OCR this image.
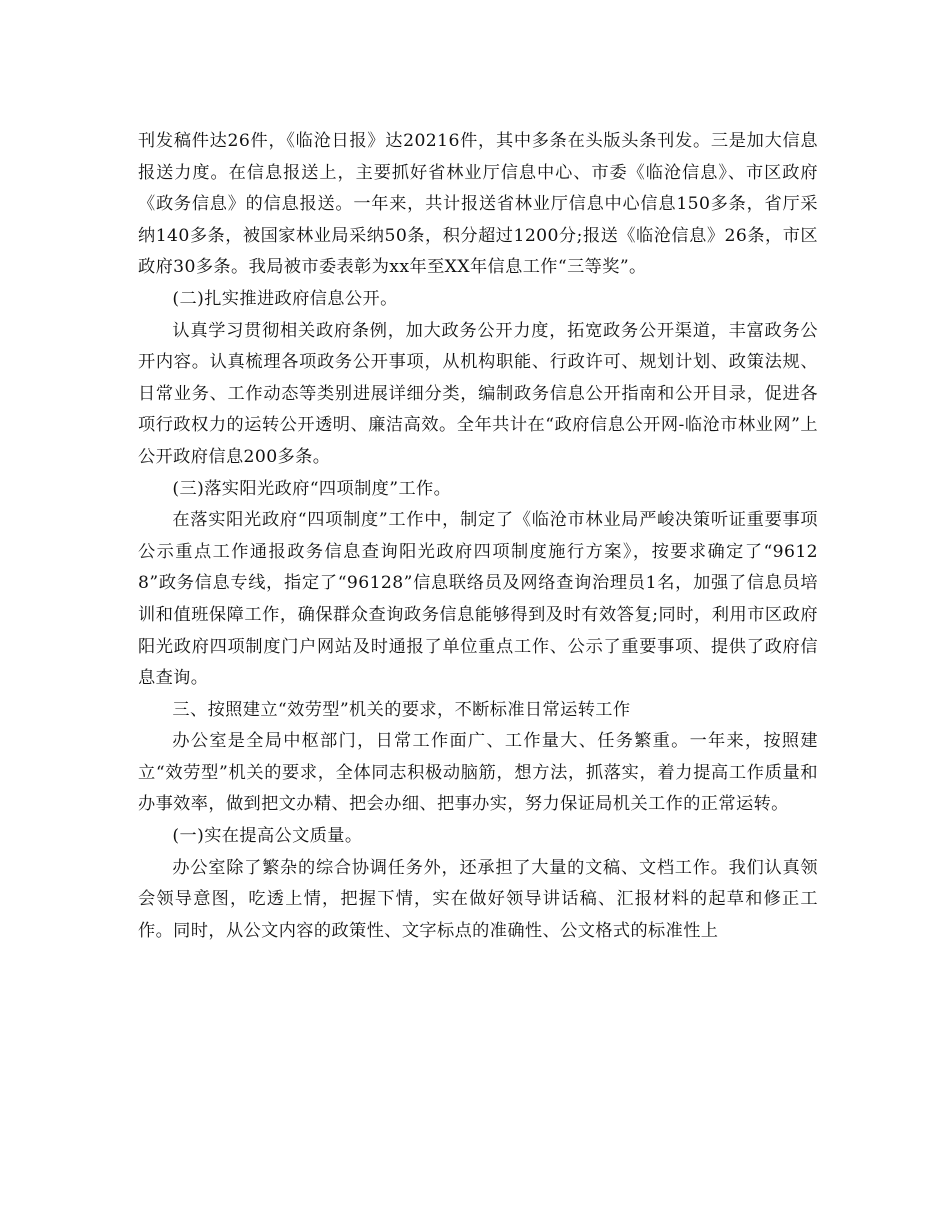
刊发稿件达26件，《临沧日报》达20216件，其中多条在头版头条刊发。三是加大信息报送力度。在信息报送上，主要抓好省林业厅信息中心、市委《临沧信息》、市区政府《政务信息》的信息报送。一年来，共计报送省林业厅信息中心信息150多条，省厅采纳140多条，被国家林业局采纳50条，积分超过1200分;报送《临沧信息》26条，市区政府30多条。我局被市委表彰为xx年至XX年信息工作“三等奖”。

(二)扎实推进政府信息公开。

认真学习贯彻相关政府条例，加大政务公开力度，拓宽政务公开渠道，丰富政务公开内容。认真梳理各项政务公开事项，从机构职能、行政许可、规划计划、政策法规、日常业务、工作动态等类别进展详细分类，编制政务信息公开指南和公开目录，促进各项行政权力的运转公开透明、廉洁高效。全年共计在“政府信息公开网-临沧市林业网”上公开政府信息200多条。

(三)落实阳光政府“四项制度”工作。

在落实阳光政府“四项制度”工作中，制定了《临沧市林业局严峻决策听证重要事项公示重点工作通报政务信息查询阳光政府四项制度施行方案》，按要求确定了“96128”政务信息专线，指定了“96128”信息联络员及网络查询治理员1名，加强了信息员培训和值班保障工作，确保群众查询政务信息能够得到及时有效答复;同时，利用市区政府阳光政府四项制度门户网站及时通报了单位重点工作、公示了重要事项、提供了政府信息查询。

三、按照建立“效劳型”机关的要求，不断标准日常运转工作

办公室是全局中枢部门，日常工作面广、工作量大、任务繁重。一年来，按照建立“效劳型”机关的要求，全体同志积极动脑筋，想方法，抓落实，着力提高工作质量和办事效率，做到把文办精、把会办细、把事办实，努力保证局机关工作的正常运转。

(一)实在提高公文质量。

办公室除了繁杂的综合协调任务外，还承担了大量的文稿、文档工作。我们认真领会领导意图，吃透上情，把握下情，实在做好领导讲话稿、汇报材料的起草和修正工作。同时，从公文内容的政策性、文字标点的准确性、公文格式的标准性上
